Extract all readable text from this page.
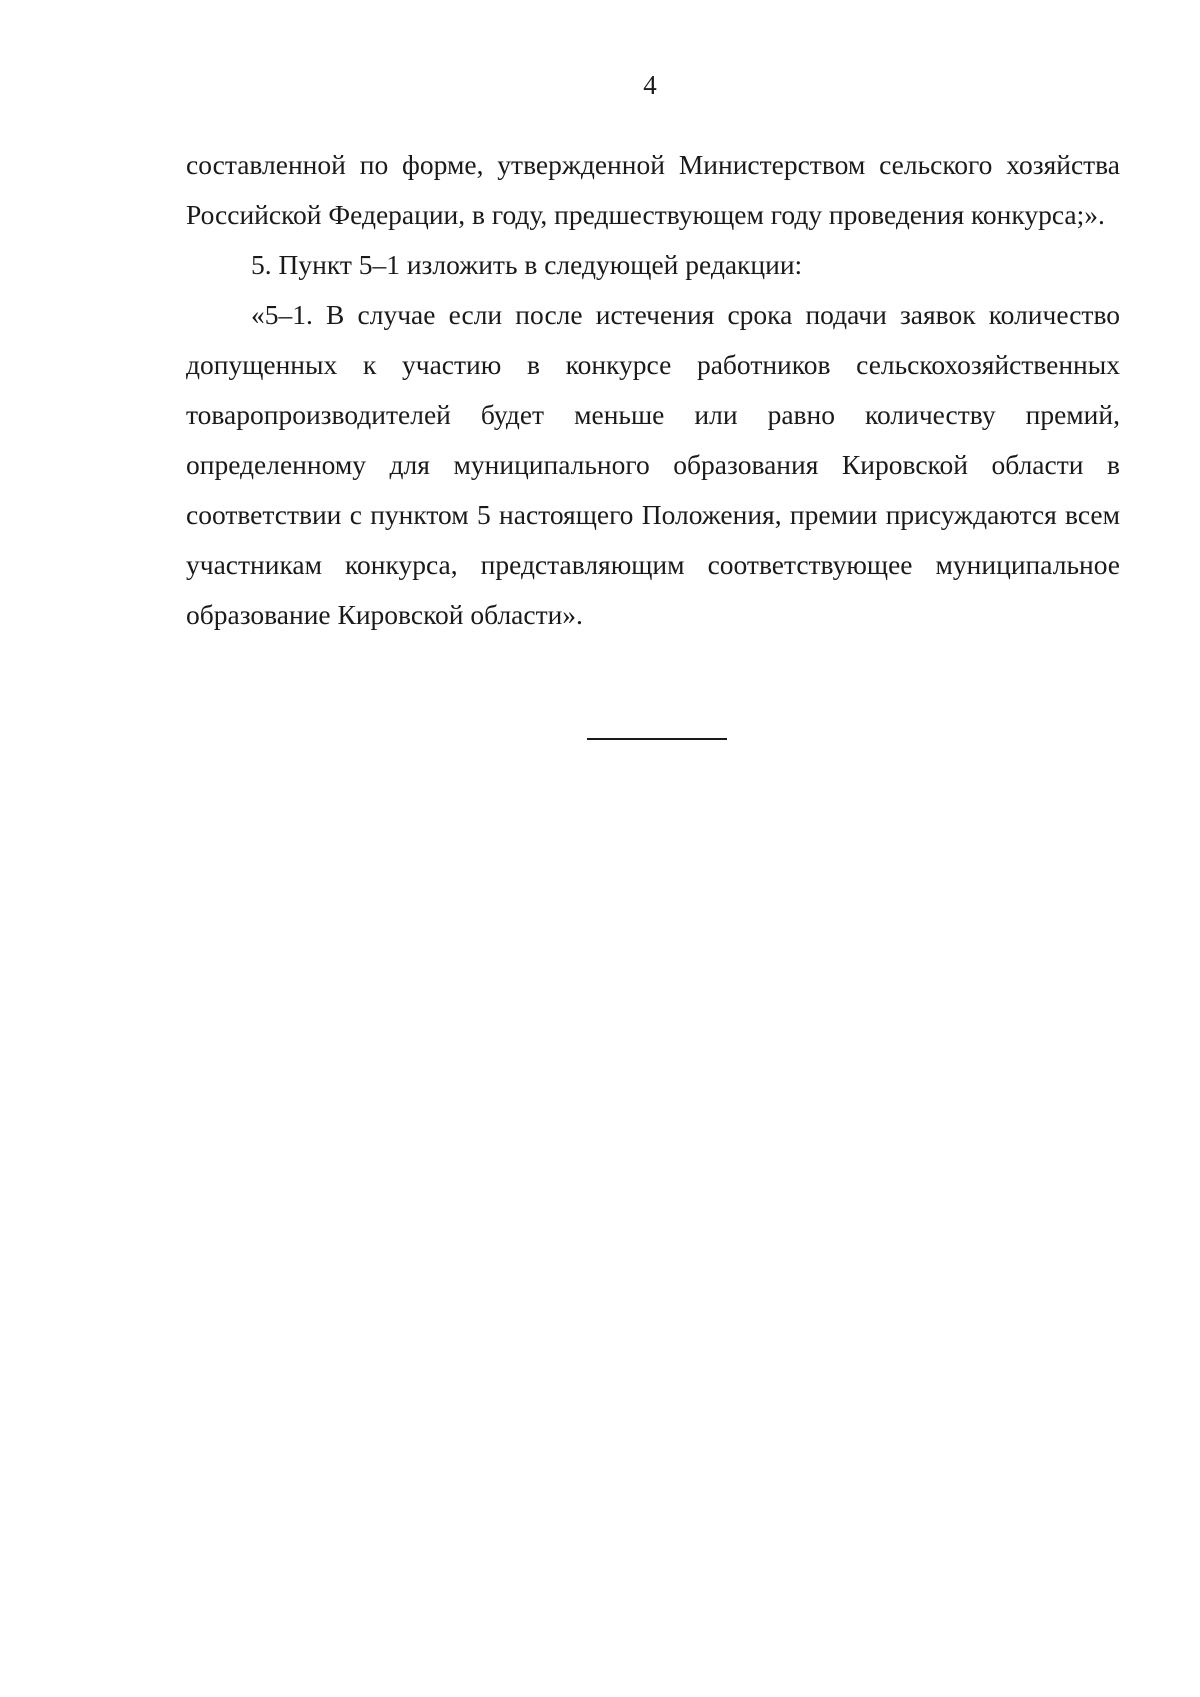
4

составленной по форме, утвержденной Министерством сельского хозяйства
Российской Федерации, в году, предшествующем году проведения конкурса;».

5. Пункт 5–1 изложить в следующей редакции:

«5–1. В случае если после истечения срока подачи заявок количество
допущенных к участию в конкурсе работников сельскохозяйственных
товаропроизводителей будет меньше или равно количеству премий,
определенному для муниципального образования Кировской области в
соответствии с пунктом 5 настоящего Положения, премии присуждаются всем
участникам конкурса, представляющим соответствующее муниципальное
образование Кировской области».
